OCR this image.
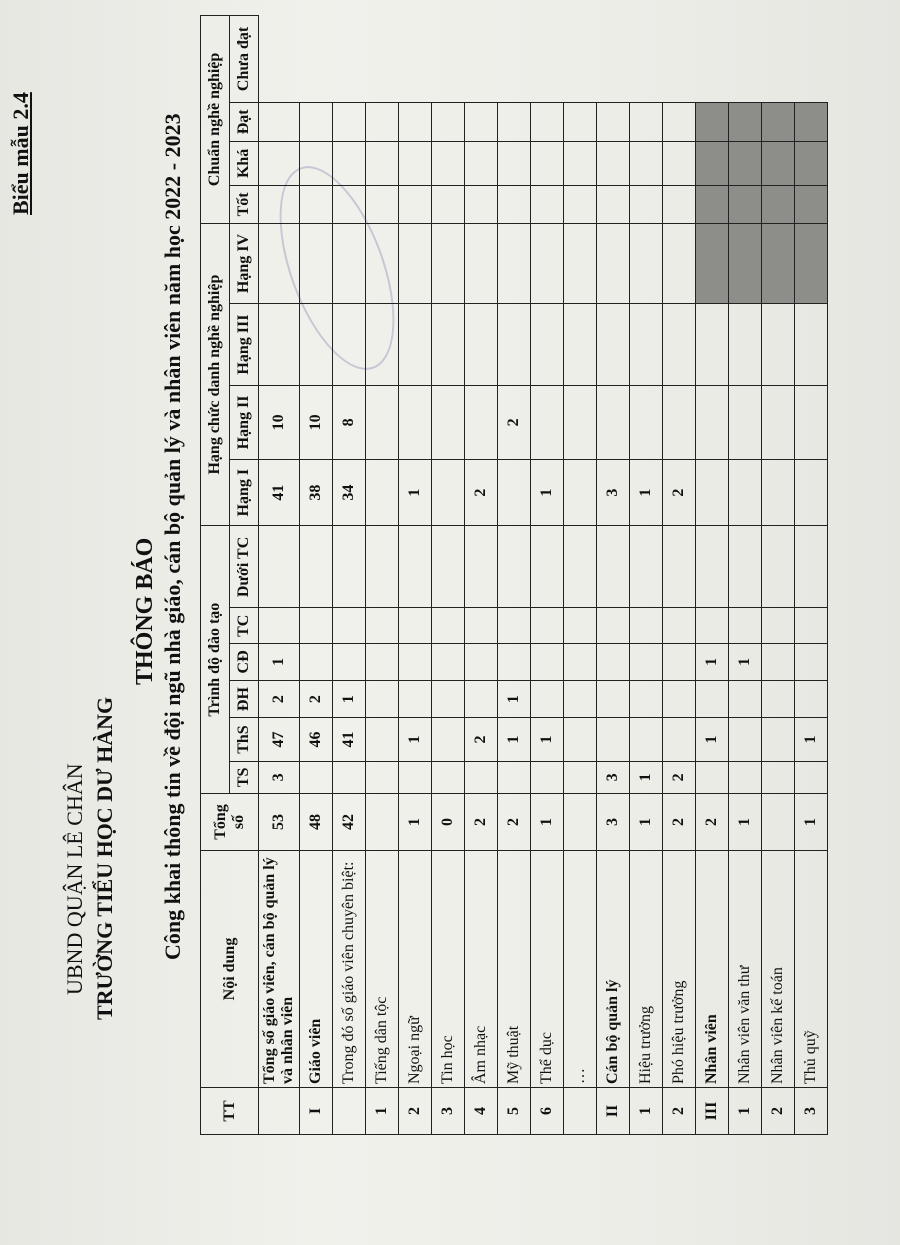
Biểu mẫu 2.4
UBND QUẬN LÊ CHÂN TRƯỜNG TIỂU HỌC DƯ HÀNG
THÔNG BÁO Công khai thông tin về đội ngũ nhà giáo, cán bộ quản lý và nhân viên năm học 2022 - 2023
TT	Nội dung	Tổng số	Trình độ đào tạo						Hạng chức danh nghề nghiệp				Chuẩn nghề nghiệp			
			TS	ThS	ĐH	CĐ	TC	Dưới TC	Hạng I	Hạng II	Hạng III	Hạng IV	Tốt	Khá	Đạt	Chưa đạt
	Tổng số giáo viên, cán bộ quản lý và nhân viên	53	3	47	2	1			41	10						
I	Giáo viên	48		46	2				38	10						
	Trong đó số giáo viên chuyên biệt:	42		41	1				34	8						
1	Tiếng dân tộc															
2	Ngoại ngữ	1		1					1							
3	Tin học	0														
4	Âm nhạc	2		2					2							
5	Mỹ thuật	2		1	1					2						
6	Thể dục	1		1					1							
	…															
II	Cán bộ quản lý	3	3						3							
1	Hiệu trưởng	1	1						1							
2	Phó hiệu trưởng	2	2						2							
III	Nhân viên	2		1		1										
1	Nhân viên văn thư	1				1										
2	Nhân viên kế toán															
3	Thủ quỹ	1		1												
